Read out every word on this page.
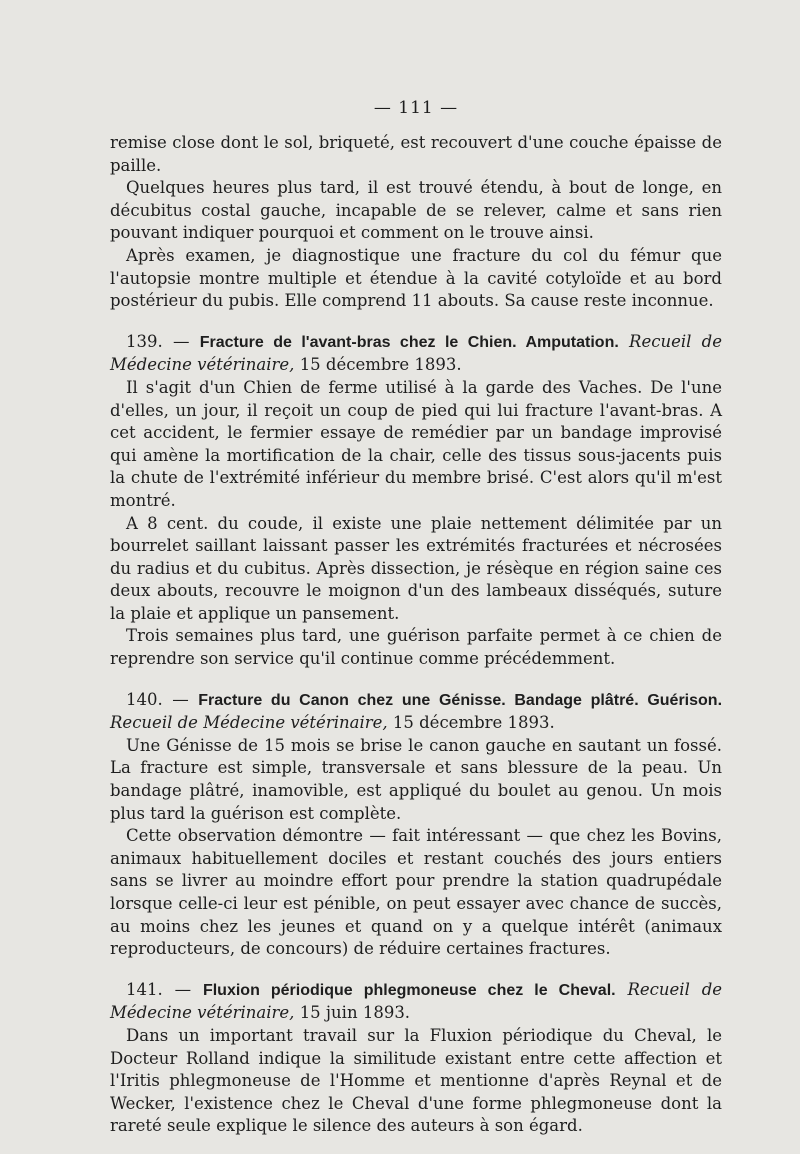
— 111 —

remise close dont le sol, briqueté, est recouvert d'une couche épaisse de paille.

Quelques heures plus tard, il est trouvé étendu, à bout de longe, en décubitus costal gauche, incapable de se relever, calme et sans rien pouvant indiquer pourquoi et comment on le trouve ainsi.

Après examen, je diagnostique une fracture du col du fémur que l'autopsie montre multiple et étendue à la cavité cotyloïde et au bord postérieur du pubis. Elle comprend 11 abouts. Sa cause reste inconnue.

139. — Fracture de l'avant-bras chez le Chien. Amputation. Recueil de Médecine vétérinaire, 15 décembre 1893.

Il s'agit d'un Chien de ferme utilisé à la garde des Vaches. De l'une d'elles, un jour, il reçoit un coup de pied qui lui fracture l'avant-bras. A cet accident, le fermier essaye de remédier par un bandage improvisé qui amène la mortification de la chair, celle des tissus sous-jacents puis la chute de l'extrémité inférieur du membre brisé. C'est alors qu'il m'est montré.

A 8 cent. du coude, il existe une plaie nettement délimitée par un bourrelet saillant laissant passer les extrémités fracturées et nécrosées du radius et du cubitus. Après dissection, je résèque en région saine ces deux abouts, recouvre le moignon d'un des lambeaux disséqués, suture la plaie et applique un pansement.

Trois semaines plus tard, une guérison parfaite permet à ce chien de reprendre son service qu'il continue comme précédemment.

140. — Fracture du Canon chez une Génisse. Bandage plâtré. Guérison. Recueil de Médecine vétérinaire, 15 décembre 1893.

Une Génisse de 15 mois se brise le canon gauche en sautant un fossé. La fracture est simple, transversale et sans blessure de la peau. Un bandage plâtré, inamovible, est appliqué du boulet au genou. Un mois plus tard la guérison est complète.

Cette observation démontre — fait intéressant — que chez les Bovins, animaux habituellement dociles et restant couchés des jours entiers sans se livrer au moindre effort pour prendre la station quadrupédale lorsque celle-ci leur est pénible, on peut essayer avec chance de succès, au moins chez les jeunes et quand on y a quelque intérêt (animaux reproducteurs, de concours) de réduire certaines fractures.

141. — Fluxion périodique phlegmoneuse chez le Cheval. Recueil de Médecine vétérinaire, 15 juin 1893.

Dans un important travail sur la Fluxion périodique du Cheval, le Docteur Rolland indique la similitude existant entre cette affection et l'Iritis phlegmoneuse de l'Homme et mentionne d'après Reynal et de Wecker, l'existence chez le Cheval d'une forme phlegmoneuse dont la rareté seule explique le silence des auteurs à son égard.
